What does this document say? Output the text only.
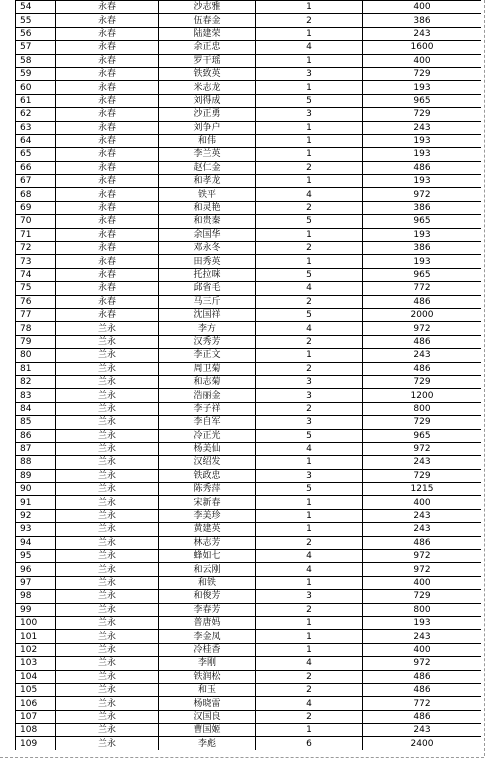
54	永春	沙志雅	1	400
55	永春	伍春金	2	386
56	永春	陆建荣	1	243
57	永春	余正忠	4	1600
58	永春	罗干瑶	1	400
59	永春	铁致英	3	729
60	永春	米志龙	1	193
61	永春	刘得成	5	965
62	永春	沙正勇	3	729
63	永春	刘争户	1	243
64	永春	和伟	1	193
65	永春	李兰英	1	193
66	永春	赵仁金	2	486
67	永春	和孝龙	1	193
68	永春	铁平	4	972
69	永春	和灵艳	2	386
70	永春	和贵秦	5	965
71	永春	余国华	1	193
72	永春	邓永冬	2	386
73	永春	田秀英	1	193
74	永春	托拉咪	5	965
75	永春	邱省毛	4	772
76	永春	马三斤	2	486
77	永春	沈国祥	5	2000
78	兰永	李方	4	972
79	兰永	汉秀芳	2	486
80	兰永	李正文	1	243
81	兰永	周卫菊	2	486
82	兰永	和志菊	3	729
83	兰永	浩丽金	3	1200
84	兰永	李子祥	2	800
85	兰永	李自军	3	729
86	兰永	冷正光	5	965
87	兰永	杨美仙	4	972
88	兰永	汉绍发	1	243
89	兰永	铁政忠	3	729
90	兰永	陈秀萍	5	1215
91	兰永	宋新春	1	400
92	兰永	李美珍	1	243
93	兰永	黄建英	1	243
94	兰永	林志芳	2	486
95	兰永	蜂如七	4	972
96	兰永	和云刚	4	972
97	兰永	和铁	1	400
98	兰永	和俊芳	3	729
99	兰永	李春芳	2	800
100	兰永	普唐妈	1	193
101	兰永	李金凤	1	243
102	兰永	冷桂香	1	400
103	兰永	李刚	4	972
104	兰永	铁润松	2	486
105	兰永	和玉	2	486
106	兰永	杨晓雷	4	772
107	兰永	汉国良	2	486
108	兰永	曹国姬	1	243
109	兰永	李彪	6	2400
